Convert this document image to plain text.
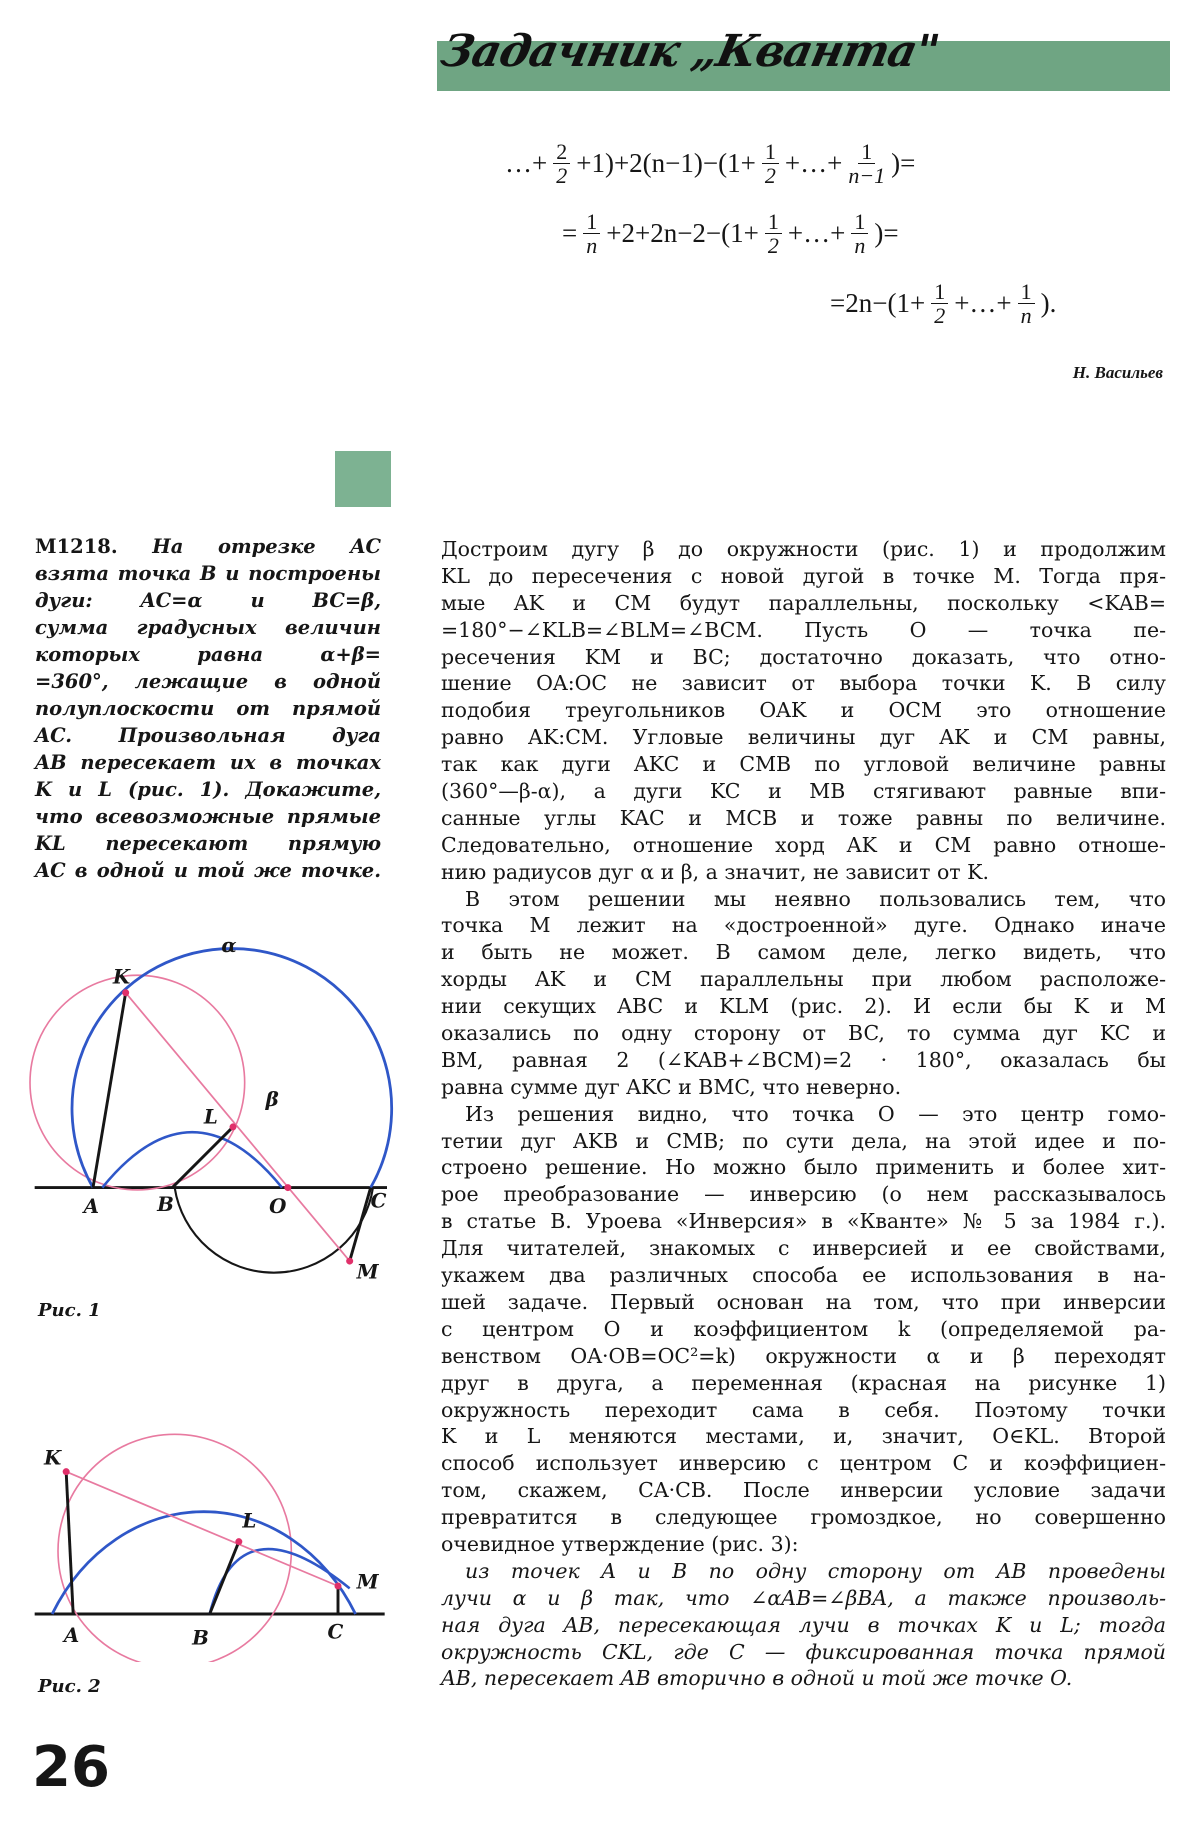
Задачник „Кванта"
…+ $\frac{2}{2} +1)+2(n-1)-(1+ \frac{1}{2}$ +…+ $\frac{1}{n-1}$ )=
= $\frac{1}{n} +2+2n-2-(1+ \frac{1}{2}$ +…+ $\frac{1}{n}$ )=
$=2n-(1+ \frac{1}{2}$ +…+ $\frac{1}{n}$ ).
Н. Васильев
М1218. На отрезке AC
взята точка B и построены
дуги: AC=α и BC=β,
сумма градусных величин
которых равна α+β=
=360°, лежащие в одной
полуплоскости от прямой
AC. Произвольная дуга
AB пересекает их в точках
K и L (рис. 1). Докажите,
что всевозможные прямые
KL пересекают прямую
AC в одной и той же точке.
Достроим дугу β до окружности (рис. 1) и продолжим
KL до пересечения с новой дугой в точке M. Тогда пря-
мые AK и CM будут параллельны, поскольку <KAB=
=180°−∠KLB=∠BLM=∠BCM. Пусть O — точка пе-
ресечения KM и BC; достаточно доказать, что отно-
шение OA:OC не зависит от выбора точки K. В силу
подобия треугольников OAK и OCM это отношение
равно AK:CM. Угловые величины дуг AK и CM равны,
так как дуги AKC и CMB по угловой величине равны
(360°—β-α), а дуги KC и MB стягивают равные впи-
санные углы KAC и MCB и тоже равны по величине.
Следовательно, отношение хорд AK и CM равно отноше-
нию радиусов дуг α и β, а значит, не зависит от K.
В этом решении мы неявно пользовались тем, что
точка M лежит на «достроенной» дуге. Однако иначе
и быть не может. В самом деле, легко видеть, что
хорды AK и CM параллельны при любом расположе-
нии секущих ABC и KLM (рис. 2). И если бы K и M
оказались по одну сторону от BC, то сумма дуг KC и
BM, равная 2 (∠KAB+∠BCM)=2 · 180°, оказалась бы
равна сумме дуг AKC и BMC, что неверно.
Из решения видно, что точка O — это центр гомо-
тетии дуг AKB и CMB; по сути дела, на этой идее и по-
строено решение. Но можно было применить и более хит-
рое преобразование — инверсию (о нем рассказывалось
в статье В. Уроева «Инверсия» в «Кванте» № 5 за 1984 г.).
Для читателей, знакомых с инверсией и ее свойствами,
укажем два различных способа ее использования в на-
шей задаче. Первый основан на том, что при инверсии
с центром O и коэффициентом k (определяемой ра-
венством OA·OB=OC²=k) окружности α и β переходят
друг в друга, а переменная (красная на рисунке 1)
окружность переходит сама в себя. Поэтому точки
K и L меняются местами, и, значит, O∈KL. Второй
способ использует инверсию с центром C и коэффициен-
том, скажем, CA·CB. После инверсии условие задачи
превратится в следующее громоздкое, но совершенно
очевидное утверждение (рис. 3):
из точек A и B по одну сторону от AB проведены
лучи α и β так, что ∠αAB=∠βBA, а также произволь-
ная дуга AB, пересекающая лучи в точках K и L; тогда
окружность CKL, где C — фиксированная точка прямой
AB, пересекает AB вторично в одной и той же точке O.
α
K
β
L
A	B	O	C
M
Рис. 1
K
L
M
A	B	C
Рис. 2
26
